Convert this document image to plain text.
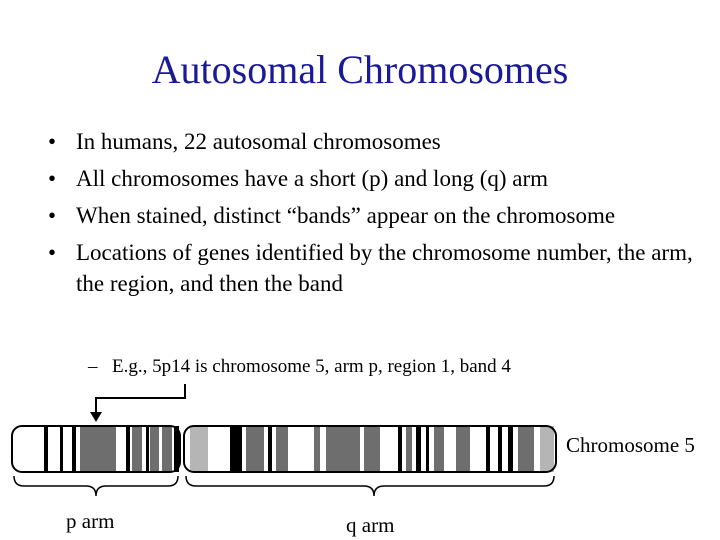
Autosomal Chromosomes
• In humans, 22 autosomal chromosomes
• All chromosomes have a short (p) and long (q) arm
• When stained, distinct “bands” appear on the chromosome
• Locations of genes identified by the chromosome number, the arm, the region, and then the band
– E.g., 5p14 is chromosome 5, arm p, region 1, band 4
Chromosome 5
p arm	q arm
